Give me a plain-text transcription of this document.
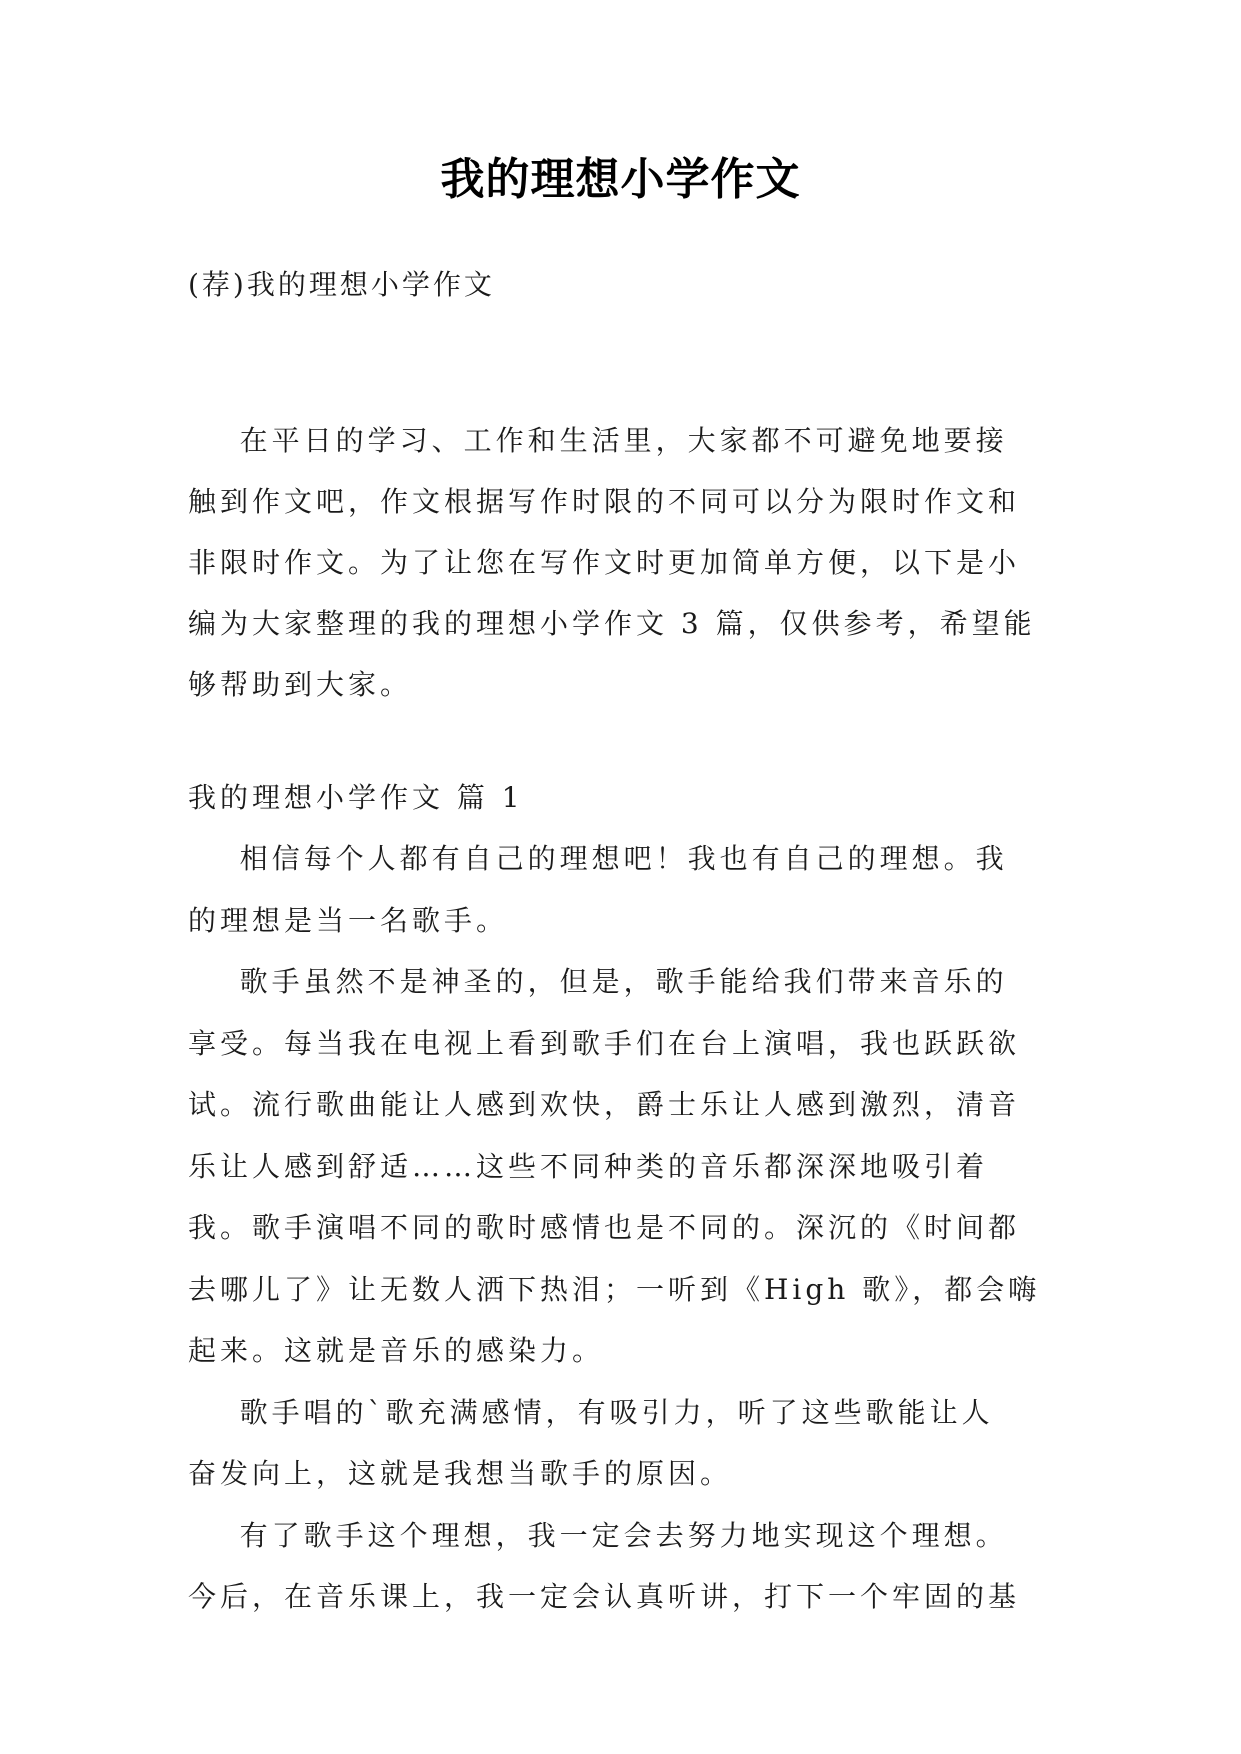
我的理想小学作文
(荐)我的理想小学作文
在平日的学习、工作和生活里，大家都不可避免地要接
触到作文吧，作文根据写作时限的不同可以分为限时作文和
非限时作文。为了让您在写作文时更加简单方便，以下是小
编为大家整理的我的理想小学作文 3 篇，仅供参考，希望能
够帮助到大家。
我的理想小学作文 篇 1
相信每个人都有自己的理想吧！我也有自己的理想。我
的理想是当一名歌手。
歌手虽然不是神圣的，但是，歌手能给我们带来音乐的
享受。每当我在电视上看到歌手们在台上演唱，我也跃跃欲
试。流行歌曲能让人感到欢快，爵士乐让人感到激烈，清音
乐让人感到舒适……这些不同种类的音乐都深深地吸引着
我。歌手演唱不同的歌时感情也是不同的。深沉的《时间都
去哪儿了》让无数人洒下热泪；一听到《High 歌》，都会嗨
起来。这就是音乐的感染力。
歌手唱的`歌充满感情，有吸引力，听了这些歌能让人
奋发向上，这就是我想当歌手的原因。
有了歌手这个理想，我一定会去努力地实现这个理想。
今后，在音乐课上，我一定会认真听讲，打下一个牢固的基
